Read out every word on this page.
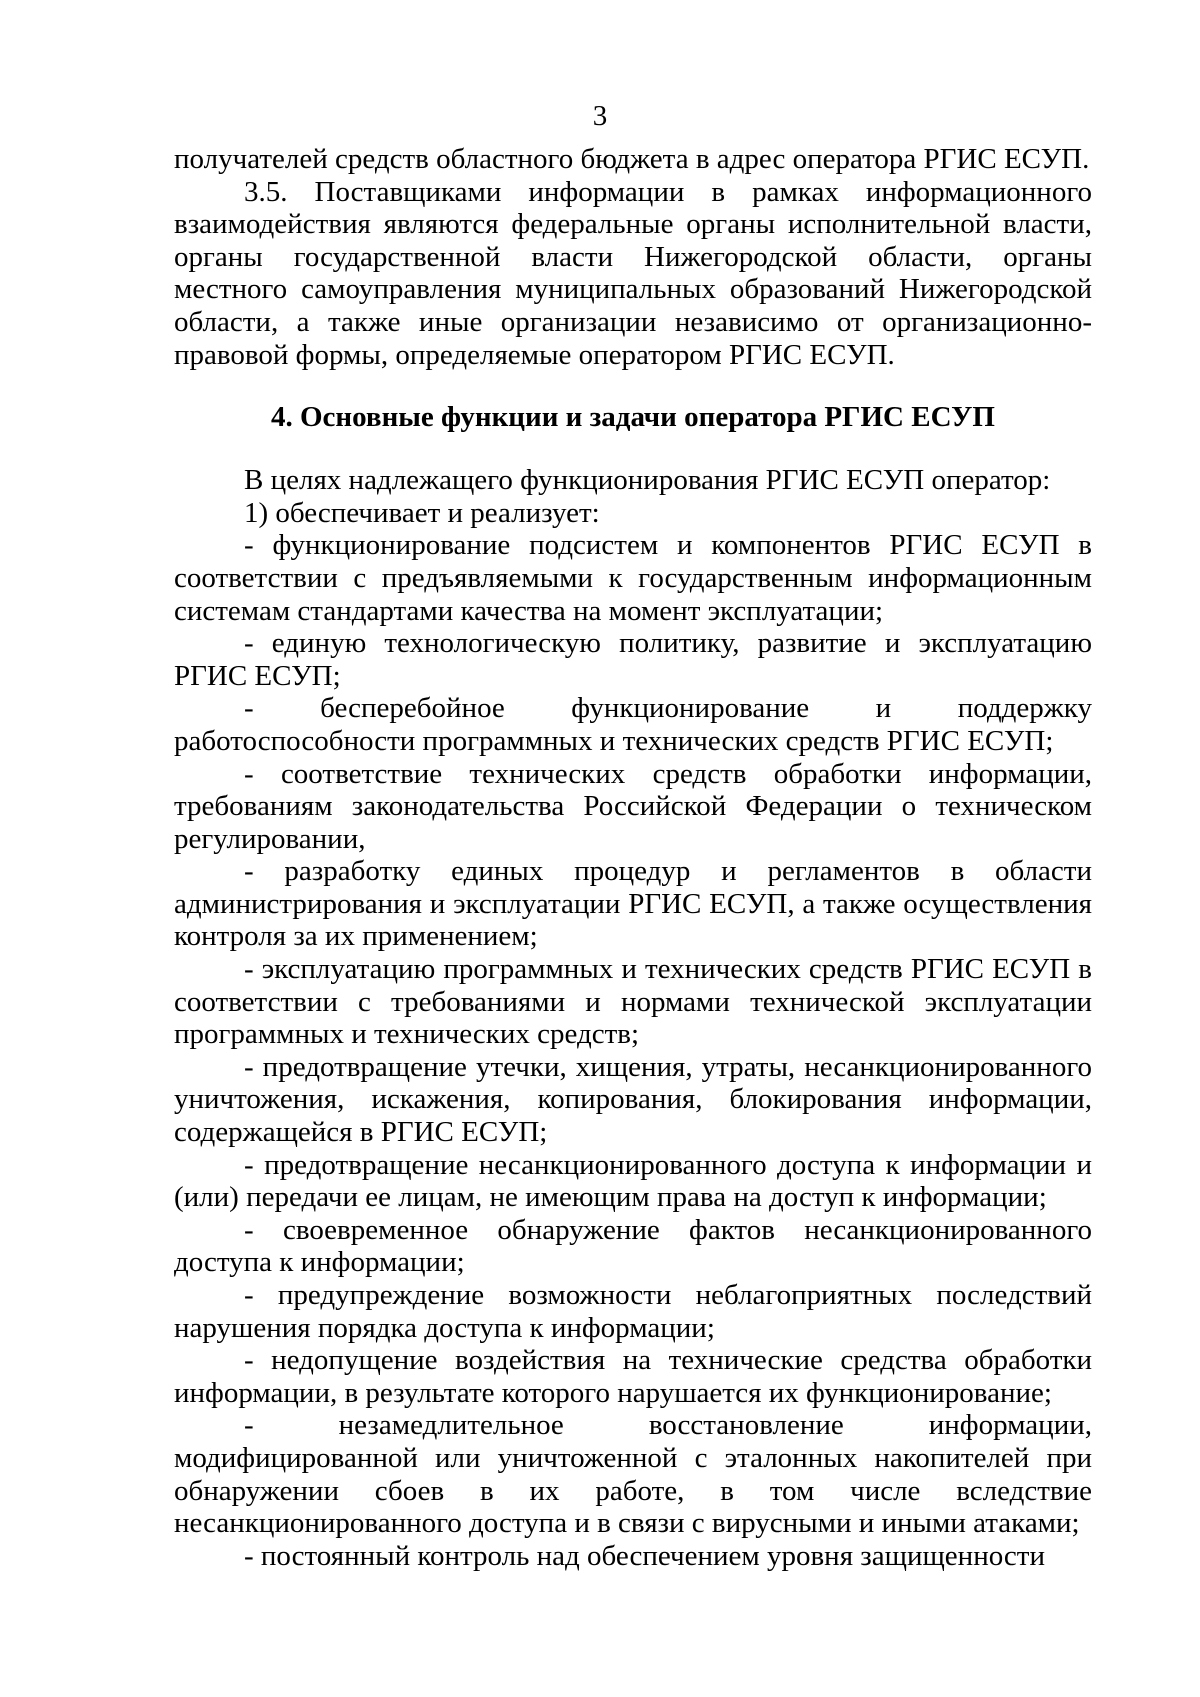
3

получателей средств областного бюджета в адрес оператора РГИС ЕСУП.

3.5. Поставщиками информации в рамках информационного взаимодействия являются федеральные органы исполнительной власти, органы государственной власти Нижегородской области, органы местного самоуправления муниципальных образований Нижегородской области, а также иные организации независимо от организационно-правовой формы, определяемые оператором РГИС ЕСУП.

4. Основные функции и задачи оператора РГИС ЕСУП

В целях надлежащего функционирования РГИС ЕСУП оператор:

1) обеспечивает и реализует:

- функционирование подсистем и компонентов РГИС ЕСУП в соответствии с предъявляемыми к государственным информационным системам стандартами качества на момент эксплуатации;

- единую технологическую политику, развитие и эксплуатацию РГИС ЕСУП;

- бесперебойное функционирование и поддержку работоспособности программных и технических средств РГИС ЕСУП;

- соответствие технических средств обработки информации, требованиям законодательства Российской Федерации о техническом регулировании,

- разработку единых процедур и регламентов в области администрирования и эксплуатации РГИС ЕСУП, а также осуществления контроля за их применением;

- эксплуатацию программных и технических средств РГИС ЕСУП в соответствии с требованиями и нормами технической эксплуатации программных и технических средств;

- предотвращение утечки, хищения, утраты, несанкционированного уничтожения, искажения, копирования, блокирования информации, содержащейся в РГИС ЕСУП;

- предотвращение несанкционированного доступа к информации и (или) передачи ее лицам, не имеющим права на доступ к информации;

- своевременное обнаружение фактов несанкционированного доступа к информации;

- предупреждение возможности неблагоприятных последствий нарушения порядка доступа к информации;

- недопущение воздействия на технические средства обработки информации, в результате которого нарушается их функционирование;

- незамедлительное восстановление информации, модифицированной или уничтоженной с эталонных накопителей при обнаружении сбоев в их работе, в том числе вследствие несанкционированного доступа и в связи с вирусными и иными атаками;

- постоянный контроль над обеспечением уровня защищенности
